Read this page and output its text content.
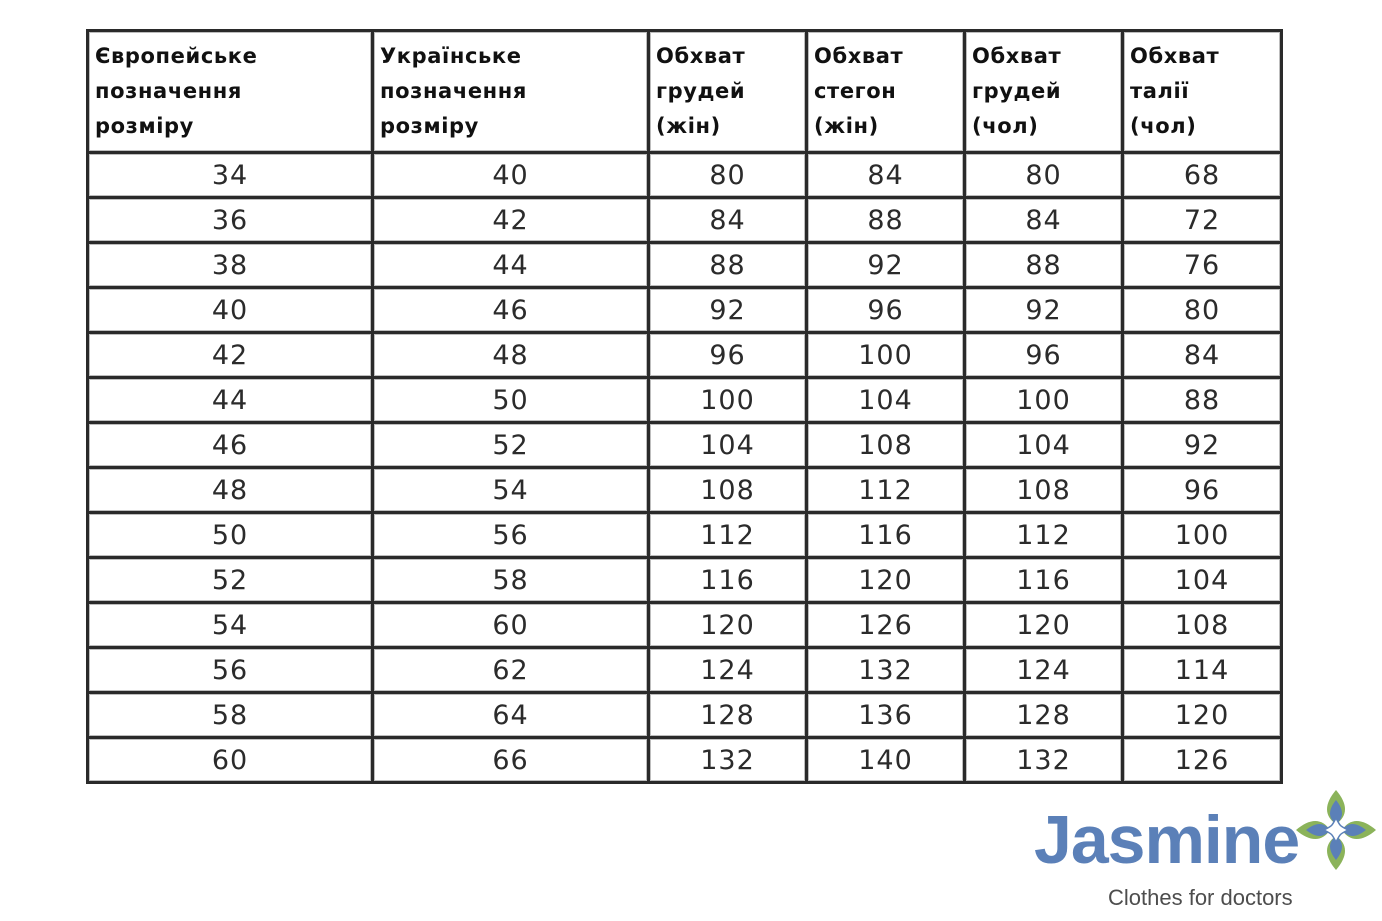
Європейське
позначення
розміру	Українське
позначення
розміру	Обхват
грудей
(жін)	Обхват
стегон
(жін)	Обхват
грудей
(чол)	Обхват
талії
(чол)
34	40	80	84	80	68
36	42	84	88	84	72
38	44	88	92	88	76
40	46	92	96	92	80
42	48	96	100	96	84
44	50	100	104	100	88
46	52	104	108	104	92
48	54	108	112	108	96
50	56	112	116	112	100
52	58	116	120	116	104
54	60	120	126	120	108
56	62	124	132	124	114
58	64	128	136	128	120
60	66	132	140	132	126
Jasmine
Clothes for doctors
